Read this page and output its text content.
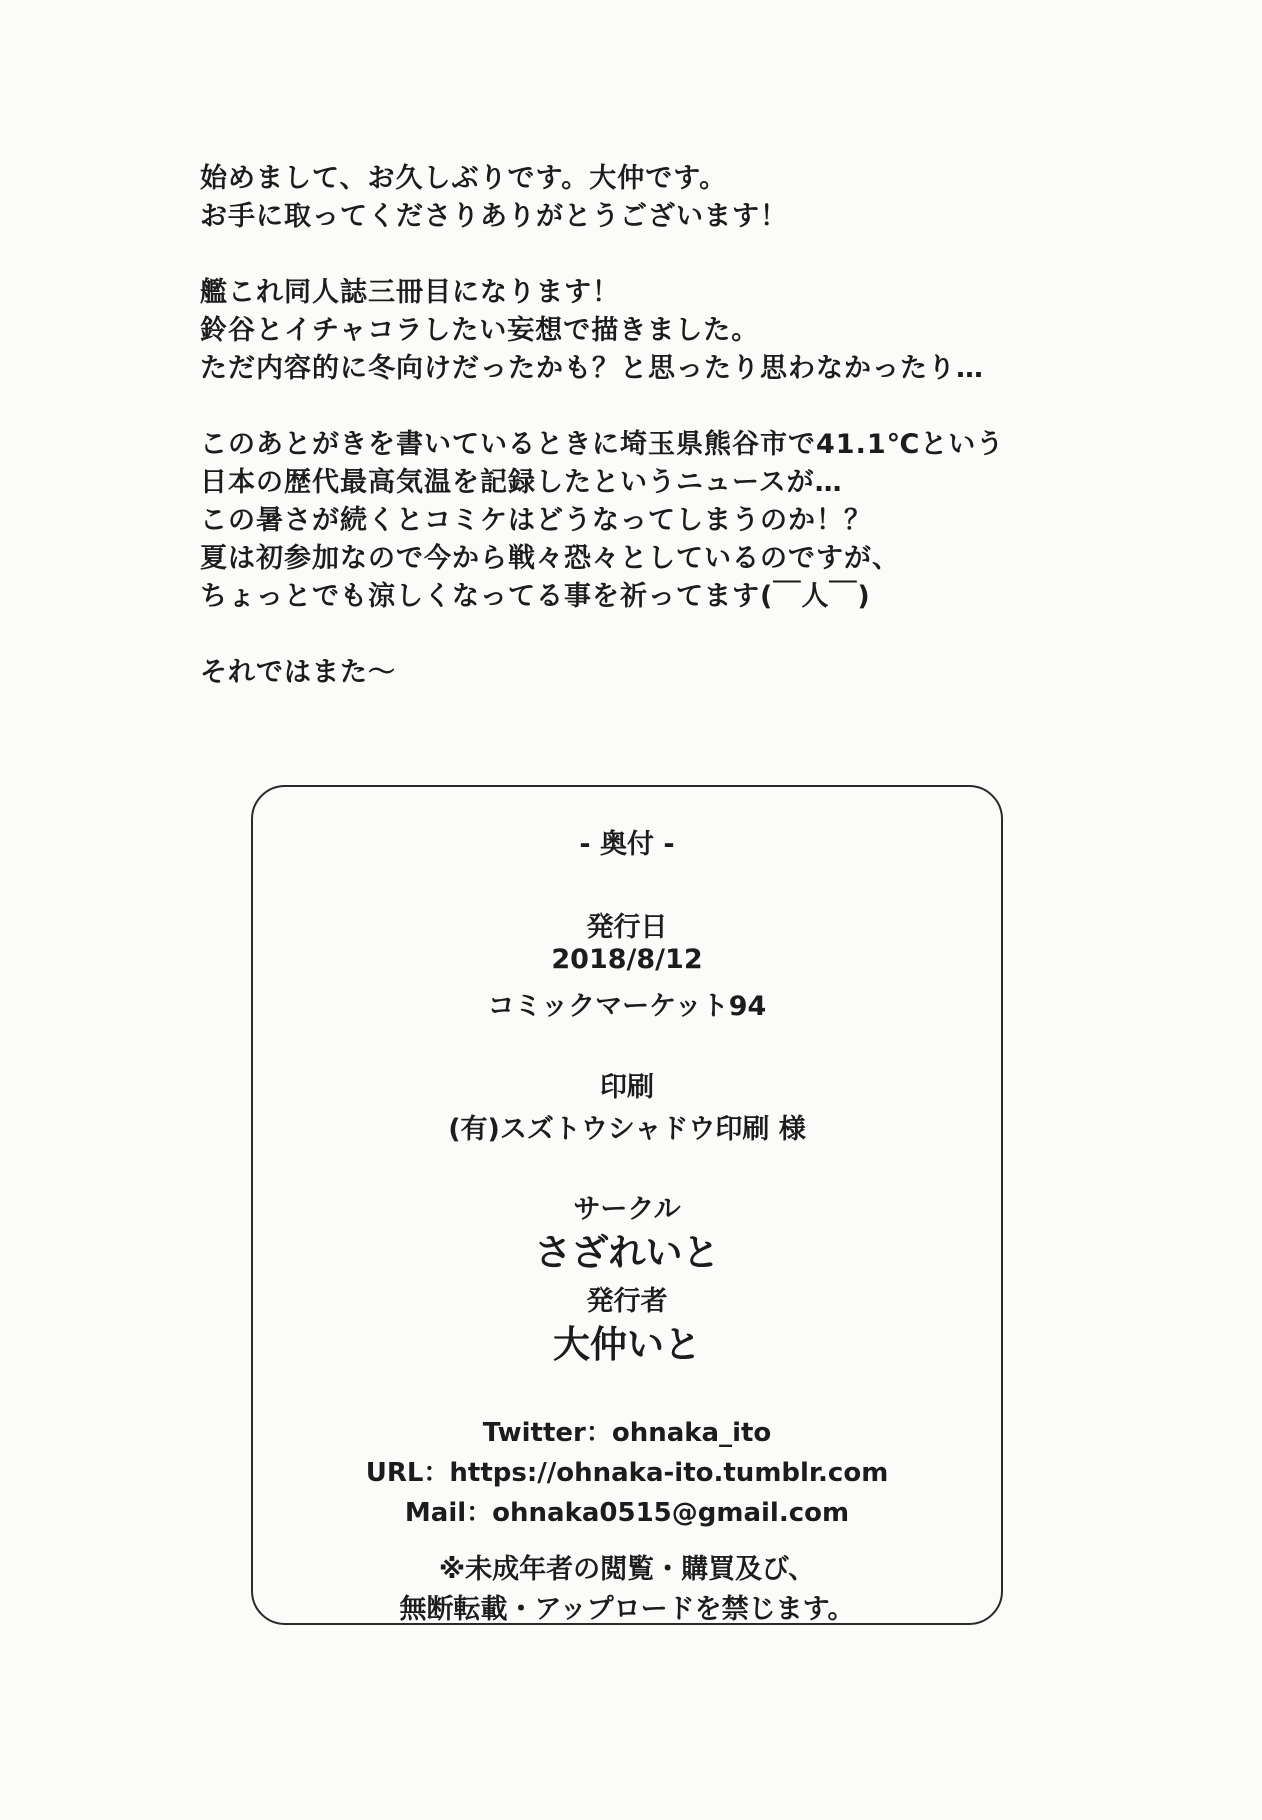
始めまして、お久しぶりです。大仲です。
お手に取ってくださりありがとうございます！
艦これ同人誌三冊目になります！
鈴谷とイチャコラしたい妄想で描きました。
ただ内容的に冬向けだったかも？と思ったり思わなかったり…
このあとがきを書いているときに埼玉県熊谷市で41.1℃という
日本の歴代最高気温を記録したというニュースが…
この暑さが続くとコミケはどうなってしまうのか！？
夏は初参加なので今から戦々恐々としているのですが、
ちょっとでも涼しくなってる事を祈ってます(￣人￣)
それではまた～
- 奥付 -
発行日
2018/8/12
コミックマーケット94
印刷
(有)スズトウシャドウ印刷 様
サークル
さざれいと
発行者
大仲いと
Twitter：ohnaka_ito
URL：https://ohnaka-ito.tumblr.com
Mail：ohnaka0515@gmail.com
※未成年者の閲覧・購買及び、
無断転載・アップロードを禁じます。
